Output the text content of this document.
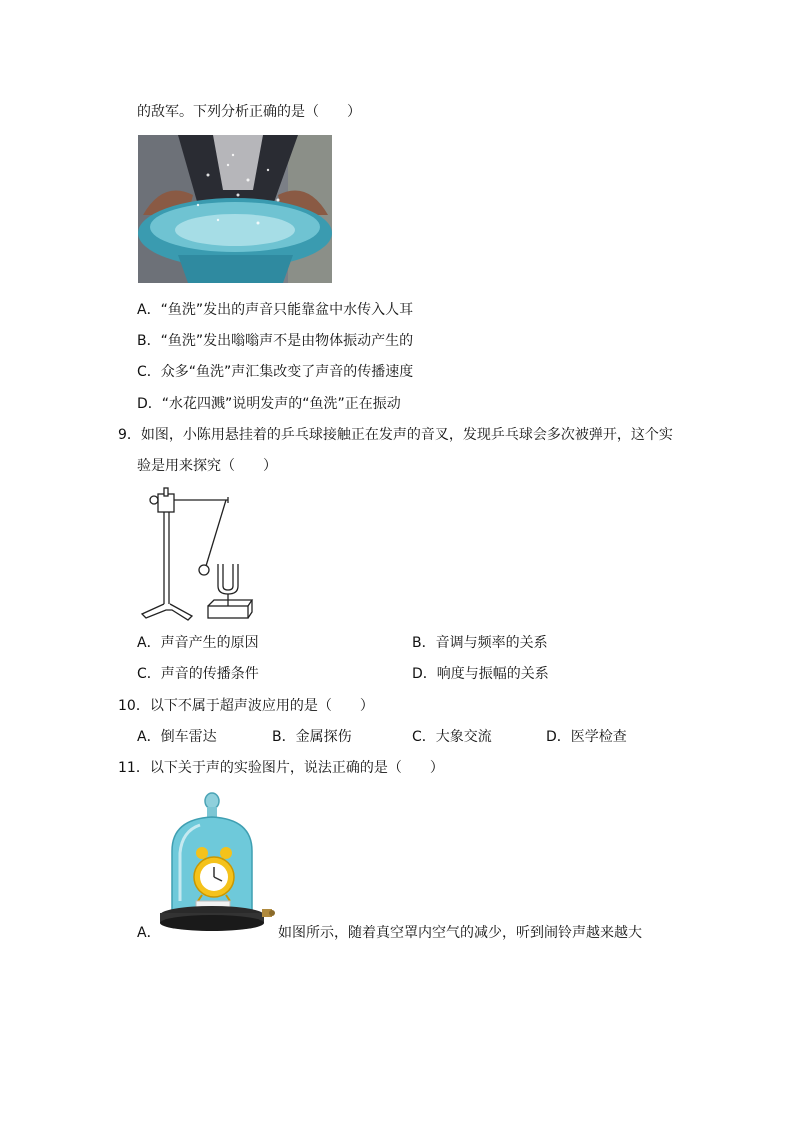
的敌军。下列分析正确的是（　　）
A．“鱼洗”发出的声音只能靠盆中水传入人耳
B．“鱼洗”发出嗡嗡声不是由物体振动产生的
C．众多“鱼洗”声汇集改变了声音的传播速度
D．“水花四溅”说明发声的“鱼洗”正在振动
9．如图，小陈用悬挂着的乒乓球接触正在发声的音叉，发现乒乓球会多次被弹开，这个实
验是用来探究（　　）
A．声音产生的原因	B．音调与频率的关系
C．声音的传播条件	D．响度与振幅的关系
10．以下不属于超声波应用的是（　　）
A．倒车雷达	B．金属探伤	C．大象交流	D．医学检查
11．以下关于声的实验图片，说法正确的是（　　）
A．	如图所示，随着真空罩内空气的减少，听到闹铃声越来越大
